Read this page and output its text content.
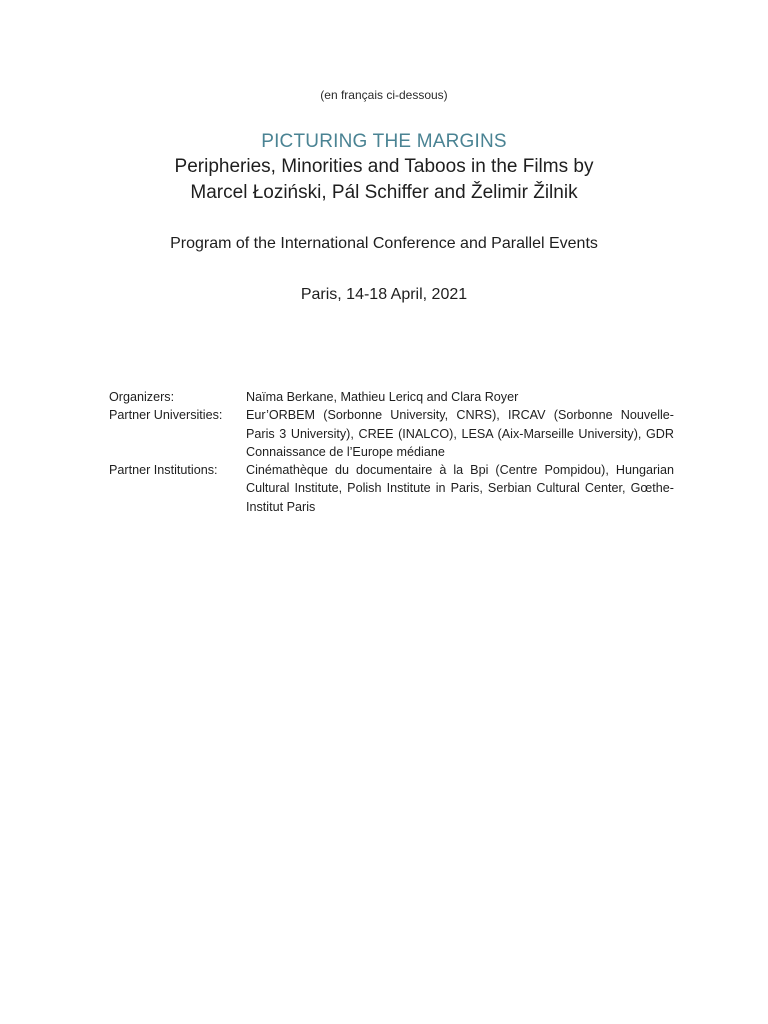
(en français ci-dessous)
PICTURING THE MARGINS
Peripheries, Minorities and Taboos in the Films by
Marcel Łoziński, Pál Schiffer and Želimir Žilnik
Program of the International Conference and Parallel Events
Paris, 14-18 April, 2021
Organizers:	Naïma Berkane, Mathieu Lericq and Clara Royer
Partner Universities:	Eur’ORBEM (Sorbonne University, CNRS), IRCAV (Sorbonne Nouvelle-Paris 3 University), CREE (INALCO), LESA (Aix-Marseille University), GDR Connaissance de l’Europe médiane
Partner Institutions:	Cinémathèque du documentaire à la Bpi (Centre Pompidou), Hungarian Cultural Institute, Polish Institute in Paris, Serbian Cultural Center, Gœthe-Institut Paris
